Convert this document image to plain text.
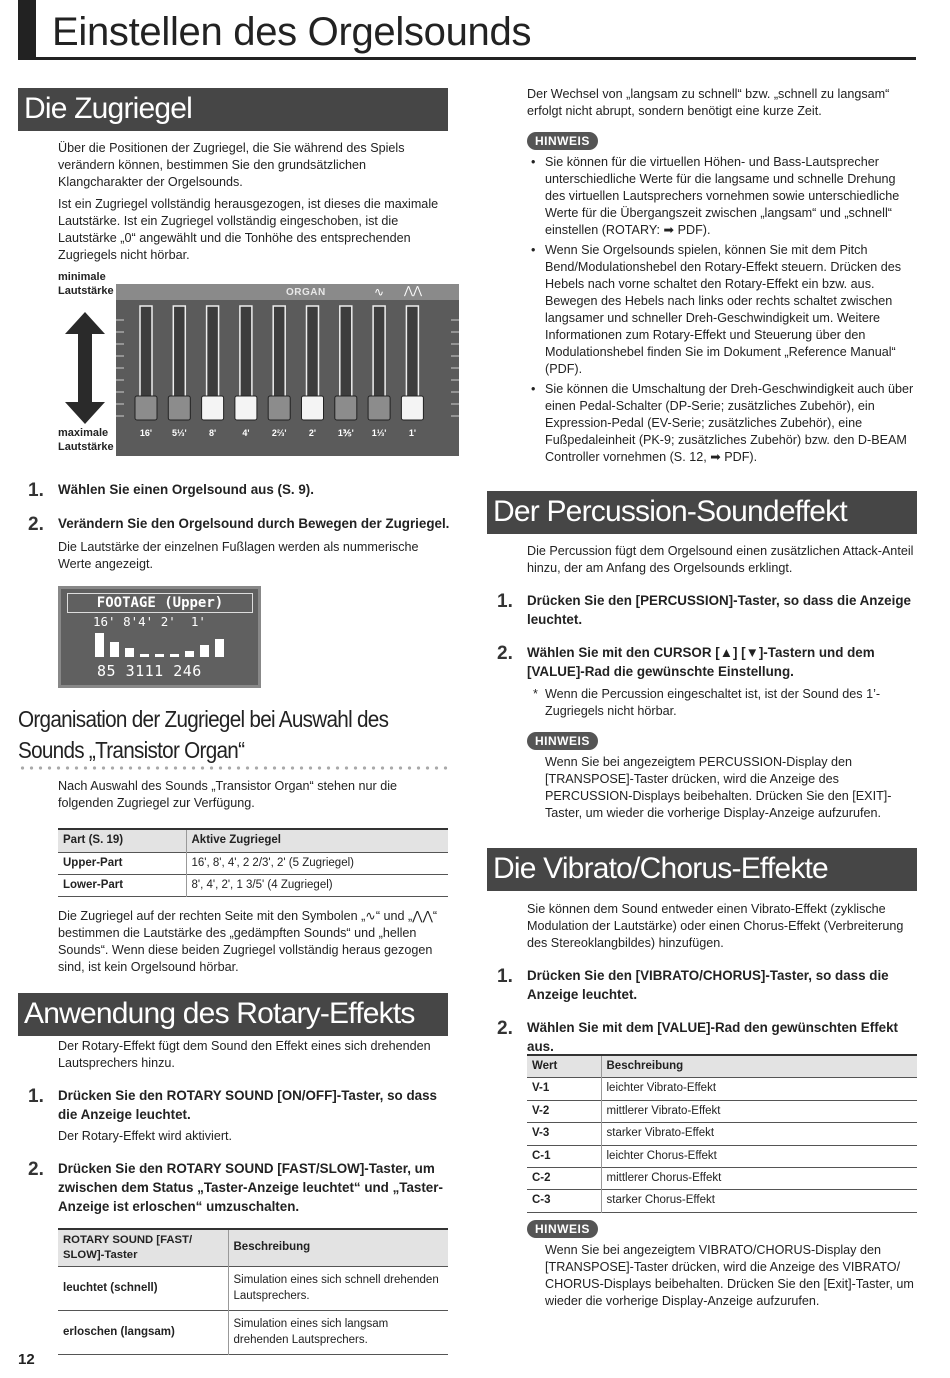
Einstellen des Orgelsounds
Die Zugriegel
Über die Positionen der Zugriegel, die Sie während des Spiels verändern können, bestimmen Sie den grundsätzlichen Klangcharakter der Orgelsounds.
Ist ein Zugriegel vollständig herausgezogen, ist dieses die maximale Lautstärke. Ist ein Zugriegel vollständig eingeschoben, ist die Lautstärke „0“ angewählt und die Tonhöhe des entsprechenden Zugriegels nicht hörbar.
minimale Lautstärke
maximale Lautstärke
ORGAN	∿ ⋀⋀
16' 5⅓' 8'	4' 2⅔' 2' 1⅗' 1⅓' 1'
1. Wählen Sie einen Orgelsound aus (S. 9).
2. Verändern Sie den Orgelsound durch Bewegen der Zugriegel.
Die Lautstärke der einzelnen Fußlagen werden als nummerische Werte angezeigt.
FOOTAGE (Upper)
16' 8'4' 2'  1'
85 3111 246
Organisation der Zugriegel bei Auswahl des Sounds „Transistor Organ“
Nach Auswahl des Sounds „Transistor Organ“ stehen nur die folgenden Zugriegel zur Verfügung.
Part (S. 19)	Aktive Zugriegel
Upper-Part	16', 8', 4', 2 2/3', 2' (5 Zugriegel)
Lower-Part	8', 4', 2', 1 3/5' (4 Zugriegel)
Die Zugriegel auf der rechten Seite mit den Symbolen „∿“ und „⋀⋀“ bestimmen die Lautstärke des „gedämpften Sounds“ und „hellen Sounds“. Wenn diese beiden Zugriegel vollständig heraus gezogen sind, ist kein Orgelsound hörbar.
Anwendung des Rotary-Effekts
Der Rotary-Effekt fügt dem Sound den Effekt eines sich drehenden Lautsprechers hinzu.
1. Drücken Sie den ROTARY SOUND [ON/OFF]-Taster, so dass die Anzeige leuchtet.
Der Rotary-Effekt wird aktiviert.
2. Drücken Sie den ROTARY SOUND [FAST/SLOW]-Taster, um zwischen dem Status „Taster-Anzeige leuchtet“ und „Taster-Anzeige ist erloschen“ umzuschalten.
ROTARY SOUND [FAST/ SLOW]-Taster	Beschreibung
leuchtet (schnell)	Simulation eines sich schnell drehenden Lautsprechers.
erloschen (langsam)	Simulation eines sich langsam drehenden Lautsprechers.
12
Der Wechsel von „langsam zu schnell“ bzw. „schnell zu langsam“ erfolgt nicht abrupt, sondern benötigt eine kurze Zeit.
HINWEIS
• Sie können für die virtuellen Höhen- und Bass-Lautsprecher unterschiedliche Werte für die langsame und schnelle Drehung des virtuellen Lautsprechers vornehmen sowie unterschiedliche Werte für die Übergangszeit zwischen „langsam“ und „schnell“ einstellen (ROTARY: ➡ PDF).
• Wenn Sie Orgelsounds spielen, können Sie mit dem Pitch Bend/Modulationshebel den Rotary-Effekt steuern. Drücken des Hebels nach vorne schaltet den Rotary-Effekt ein bzw. aus. Bewegen des Hebels nach links oder rechts schaltet zwischen langsamer und schneller Dreh-Geschwindigkeit um. Weitere Informationen zum Rotary-Effekt und Steuerung über den Modulationshebel finden Sie im Dokument „Reference Manual“ (PDF).
• Sie können die Umschaltung der Dreh-Geschwindigkeit auch über einen Pedal-Schalter (DP-Serie; zusätzliches Zubehör), ein Expression-Pedal (EV-Serie; zusätzliches Zubehör), eine Fußpedaleinheit (PK-9; zusätzliches Zubehör) bzw. den D-BEAM Controller vornehmen (S. 12, ➡ PDF).
Der Percussion-Soundeffekt
Die Percussion fügt dem Orgelsound einen zusätzlichen Attack-Anteil hinzu, der am Anfang des Orgelsounds erklingt.
1. Drücken Sie den [PERCUSSION]-Taster, so dass die Anzeige leuchtet.
2. Wählen Sie mit den CURSOR [▲] [▼]-Tastern und dem [VALUE]-Rad die gewünschte Einstellung.
* Wenn die Percussion eingeschaltet ist, ist der Sound des 1’-Zugriegels nicht hörbar.
HINWEIS
Wenn Sie bei angezeigtem PERCUSSION-Display den [TRANSPOSE]-Taster drücken, wird die Anzeige des PERCUSSION-Displays beibehalten. Drücken Sie den [EXIT]-Taster, um wieder die vorherige Display-Anzeige aufzurufen.
Die Vibrato/Chorus-Effekte
Sie können dem Sound entweder einen Vibrato-Effekt (zyklische Modulation der Lautstärke) oder einen Chorus-Effekt (Verbreiterung des Stereoklangbildes) hinzufügen.
1. Drücken Sie den [VIBRATO/CHORUS]-Taster, so dass die Anzeige leuchtet.
2. Wählen Sie mit dem [VALUE]-Rad den gewünschten Effekt aus.
Wert	Beschreibung
V-1	leichter Vibrato-Effekt
V-2	mittlerer Vibrato-Effekt
V-3	starker Vibrato-Effekt
C-1	leichter Chorus-Effekt
C-2	mittlerer Chorus-Effekt
C-3	starker Chorus-Effekt
HINWEIS
Wenn Sie bei angezeigtem VIBRATO/CHORUS-Display den [TRANSPOSE]-Taster drücken, wird die Anzeige des VIBRATO/ CHORUS-Displays beibehalten. Drücken Sie den [Exit]-Taster, um wieder die vorherige Display-Anzeige aufzurufen.
